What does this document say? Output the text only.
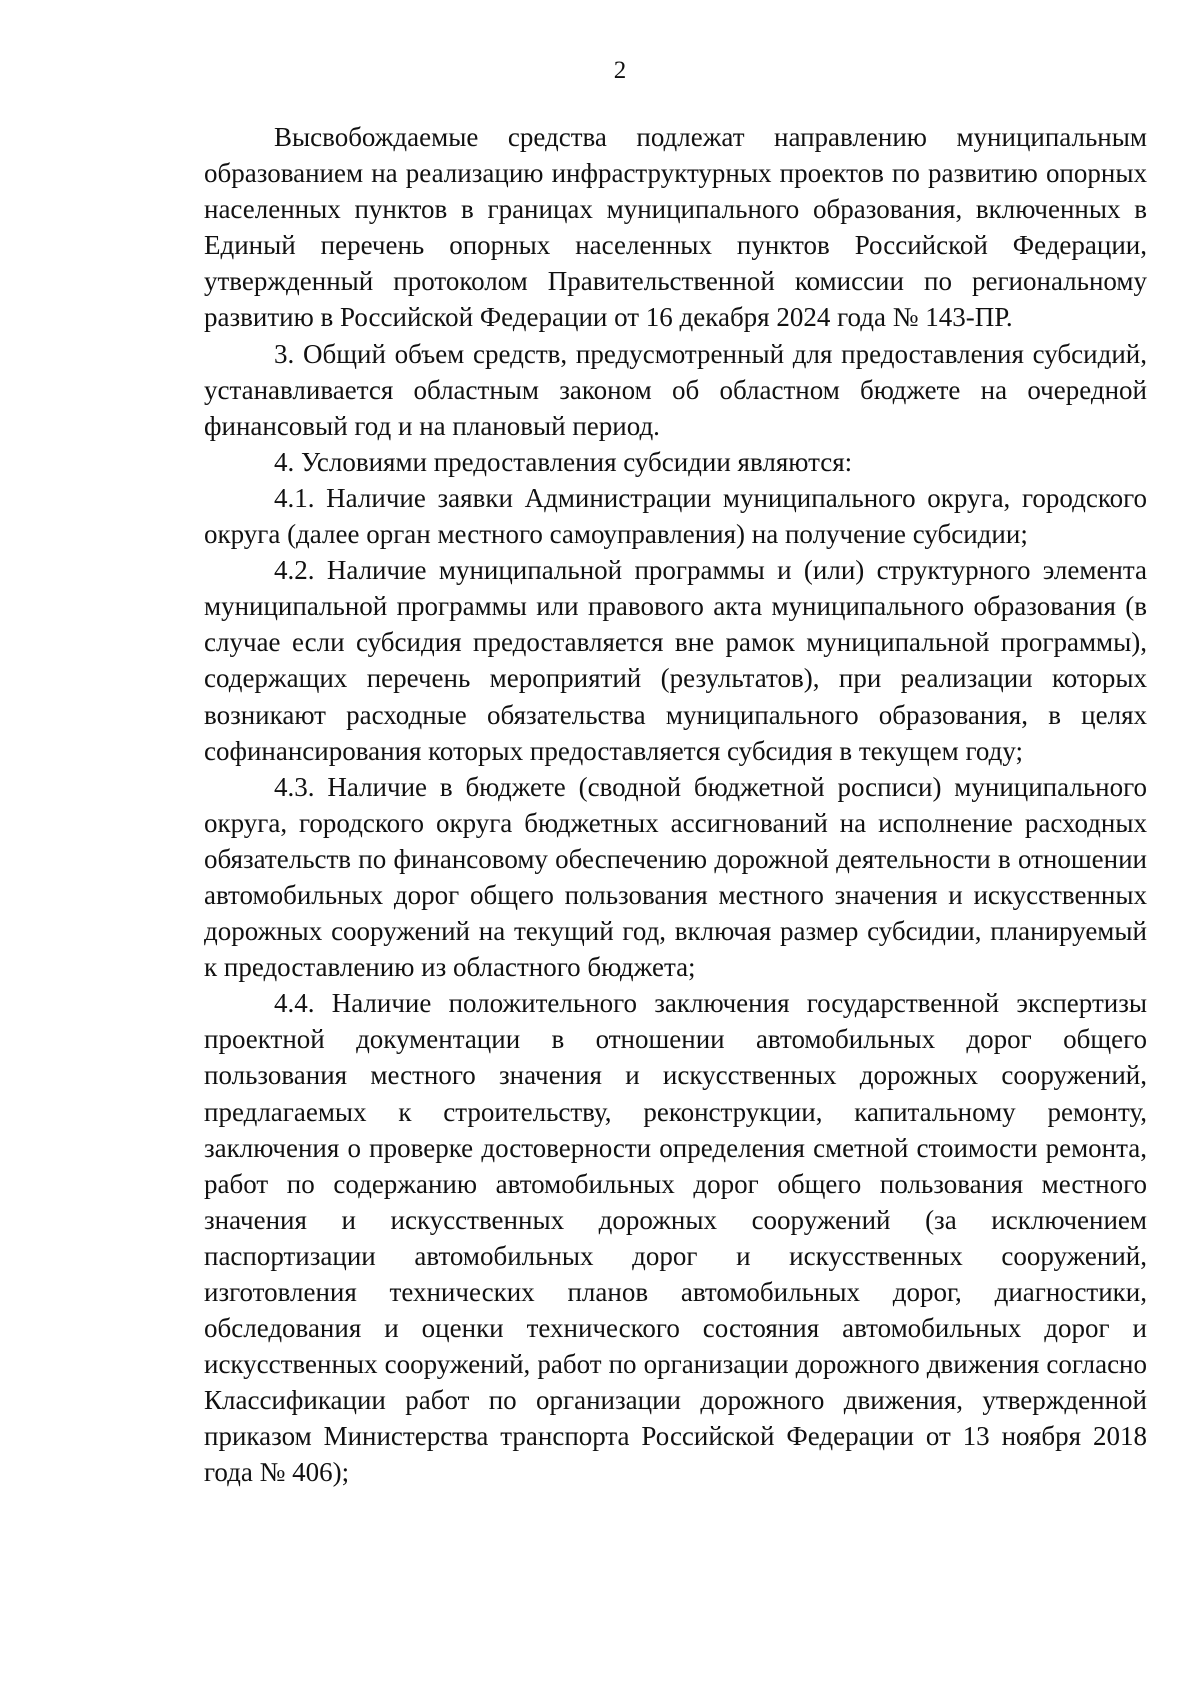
2

Высвобождаемые средства подлежат направлению муниципальным образованием на реализацию инфраструктурных проектов по развитию опорных населенных пунктов в границах муниципального образования, включенных в Единый перечень опорных населенных пунктов Российской Федерации, утвержденный протоколом Правительственной комиссии по региональному развитию в Российской Федерации от 16 декабря 2024 года № 143-ПР.

3. Общий объем средств, предусмотренный для предоставления субсидий, устанавливается областным законом об областном бюджете на очередной финансовый год и на плановый период.

4. Условиями предоставления субсидии являются:

4.1. Наличие заявки Администрации муниципального округа, городского округа (далее орган местного самоуправления) на получение субсидии;

4.2. Наличие муниципальной программы и (или) структурного элемента муниципальной программы или правового акта муниципального образования (в случае если субсидия предоставляется вне рамок муниципальной программы), содержащих перечень мероприятий (результатов), при реализации которых возникают расходные обязательства муниципального образования, в целях софинансирования которых предоставляется субсидия в текущем году;

4.3. Наличие в бюджете (сводной бюджетной росписи) муниципального округа, городского округа бюджетных ассигнований на исполнение расходных обязательств по финансовому обеспечению дорожной деятельности в отношении автомобильных дорог общего пользования местного значения и искусственных дорожных сооружений на текущий год, включая размер субсидии, планируемый к предоставлению из областного бюджета;

4.4. Наличие положительного заключения государственной экспертизы проектной документации в отношении автомобильных дорог общего пользования местного значения и искусственных дорожных сооружений, предлагаемых к строительству, реконструкции, капитальному ремонту, заключения о проверке достоверности определения сметной стоимости ремонта, работ по содержанию автомобильных дорог общего пользования местного значения и искусственных дорожных сооружений (за исключением паспортизации автомобильных дорог и искусственных сооружений, изготовления технических планов автомобильных дорог, диагностики, обследования и оценки технического состояния автомобильных дорог и искусственных сооружений, работ по организации дорожного движения согласно Классификации работ по организации дорожного движения, утвержденной приказом Министерства транспорта Российской Федерации от 13 ноября 2018 года № 406);
